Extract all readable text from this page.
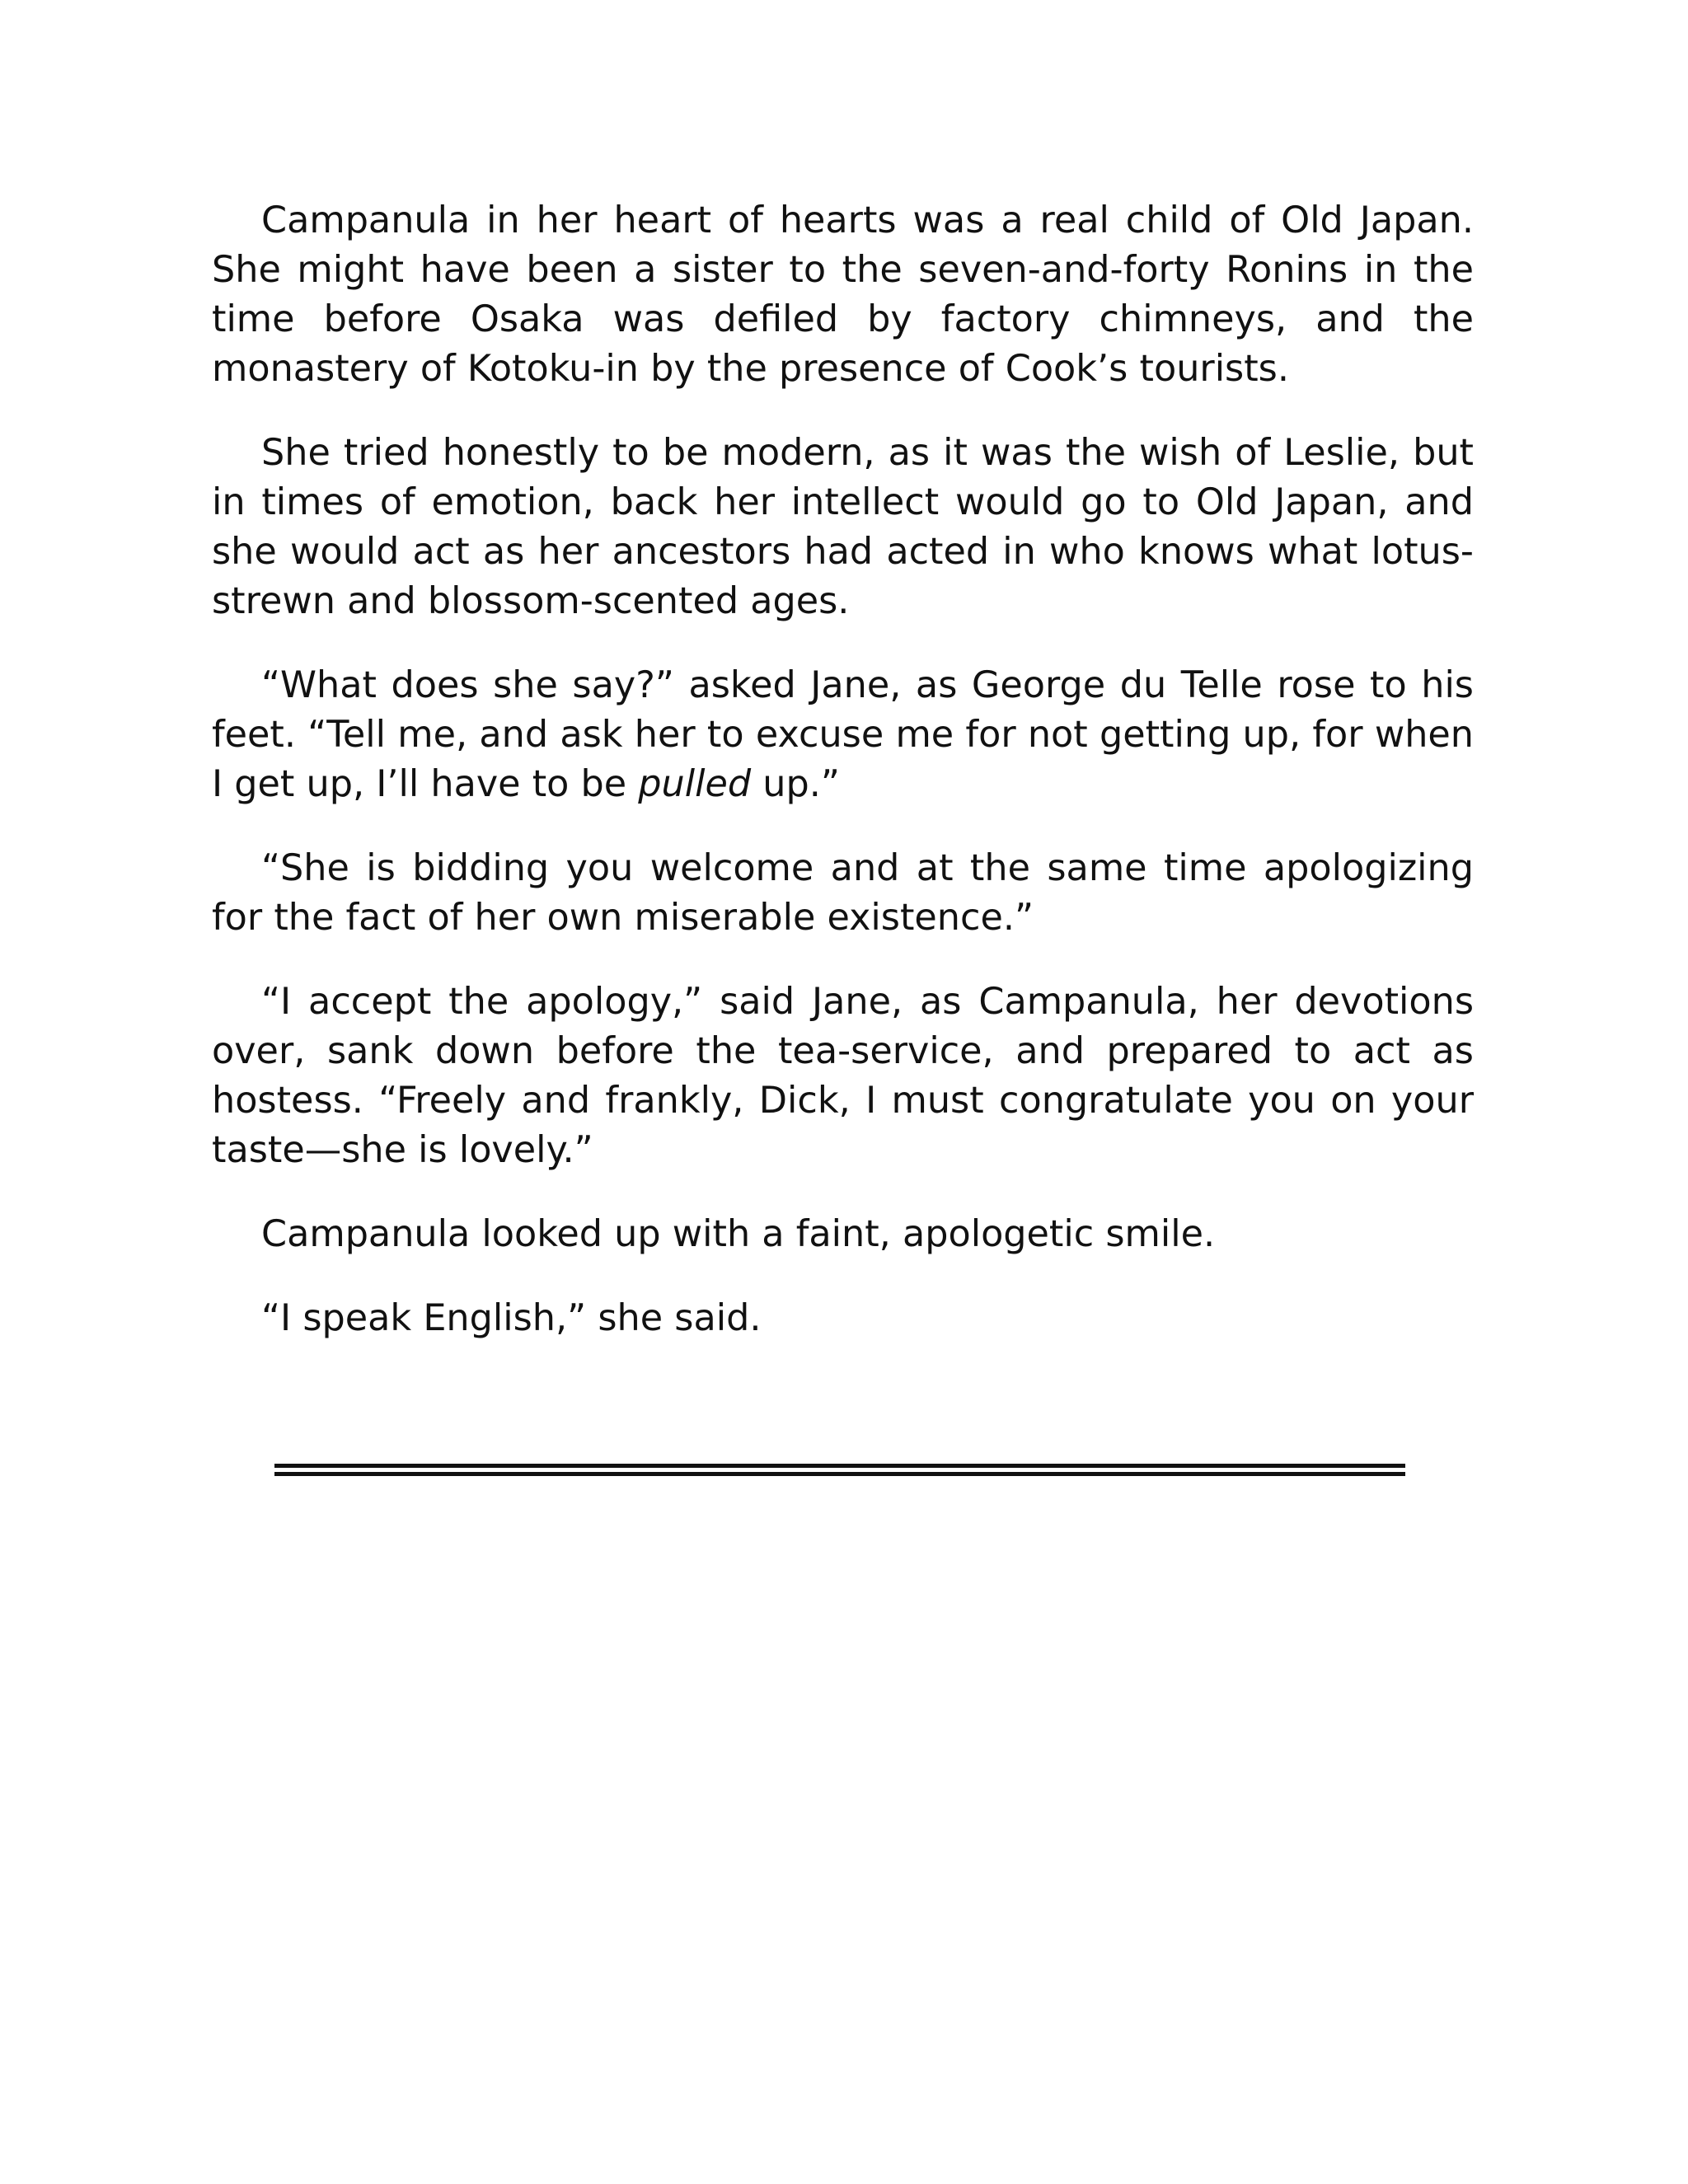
Campanula in her heart of hearts was a real child of Old Japan. She might have been a sister to the seven-and-forty Ronins in the time before Osaka was defiled by factory chimneys, and the monastery of Kotoku-in by the presence of Cook’s tourists.

She tried honestly to be modern, as it was the wish of Leslie, but in times of emotion, back her intellect would go to Old Japan, and she would act as her ancestors had acted in who knows what lotus-strewn and blossom-scented ages.

“What does she say?” asked Jane, as George du Telle rose to his feet. “Tell me, and ask her to excuse me for not getting up, for when I get up, I’ll have to be pulled up.”

“She is bidding you welcome and at the same time apologizing for the fact of her own miserable existence.”

“I accept the apology,” said Jane, as Campanula, her devotions over, sank down before the tea-service, and prepared to act as hostess. “Freely and frankly, Dick, I must congratulate you on your taste—she is lovely.”

Campanula looked up with a faint, apologetic smile.

“I speak English,” she said.
